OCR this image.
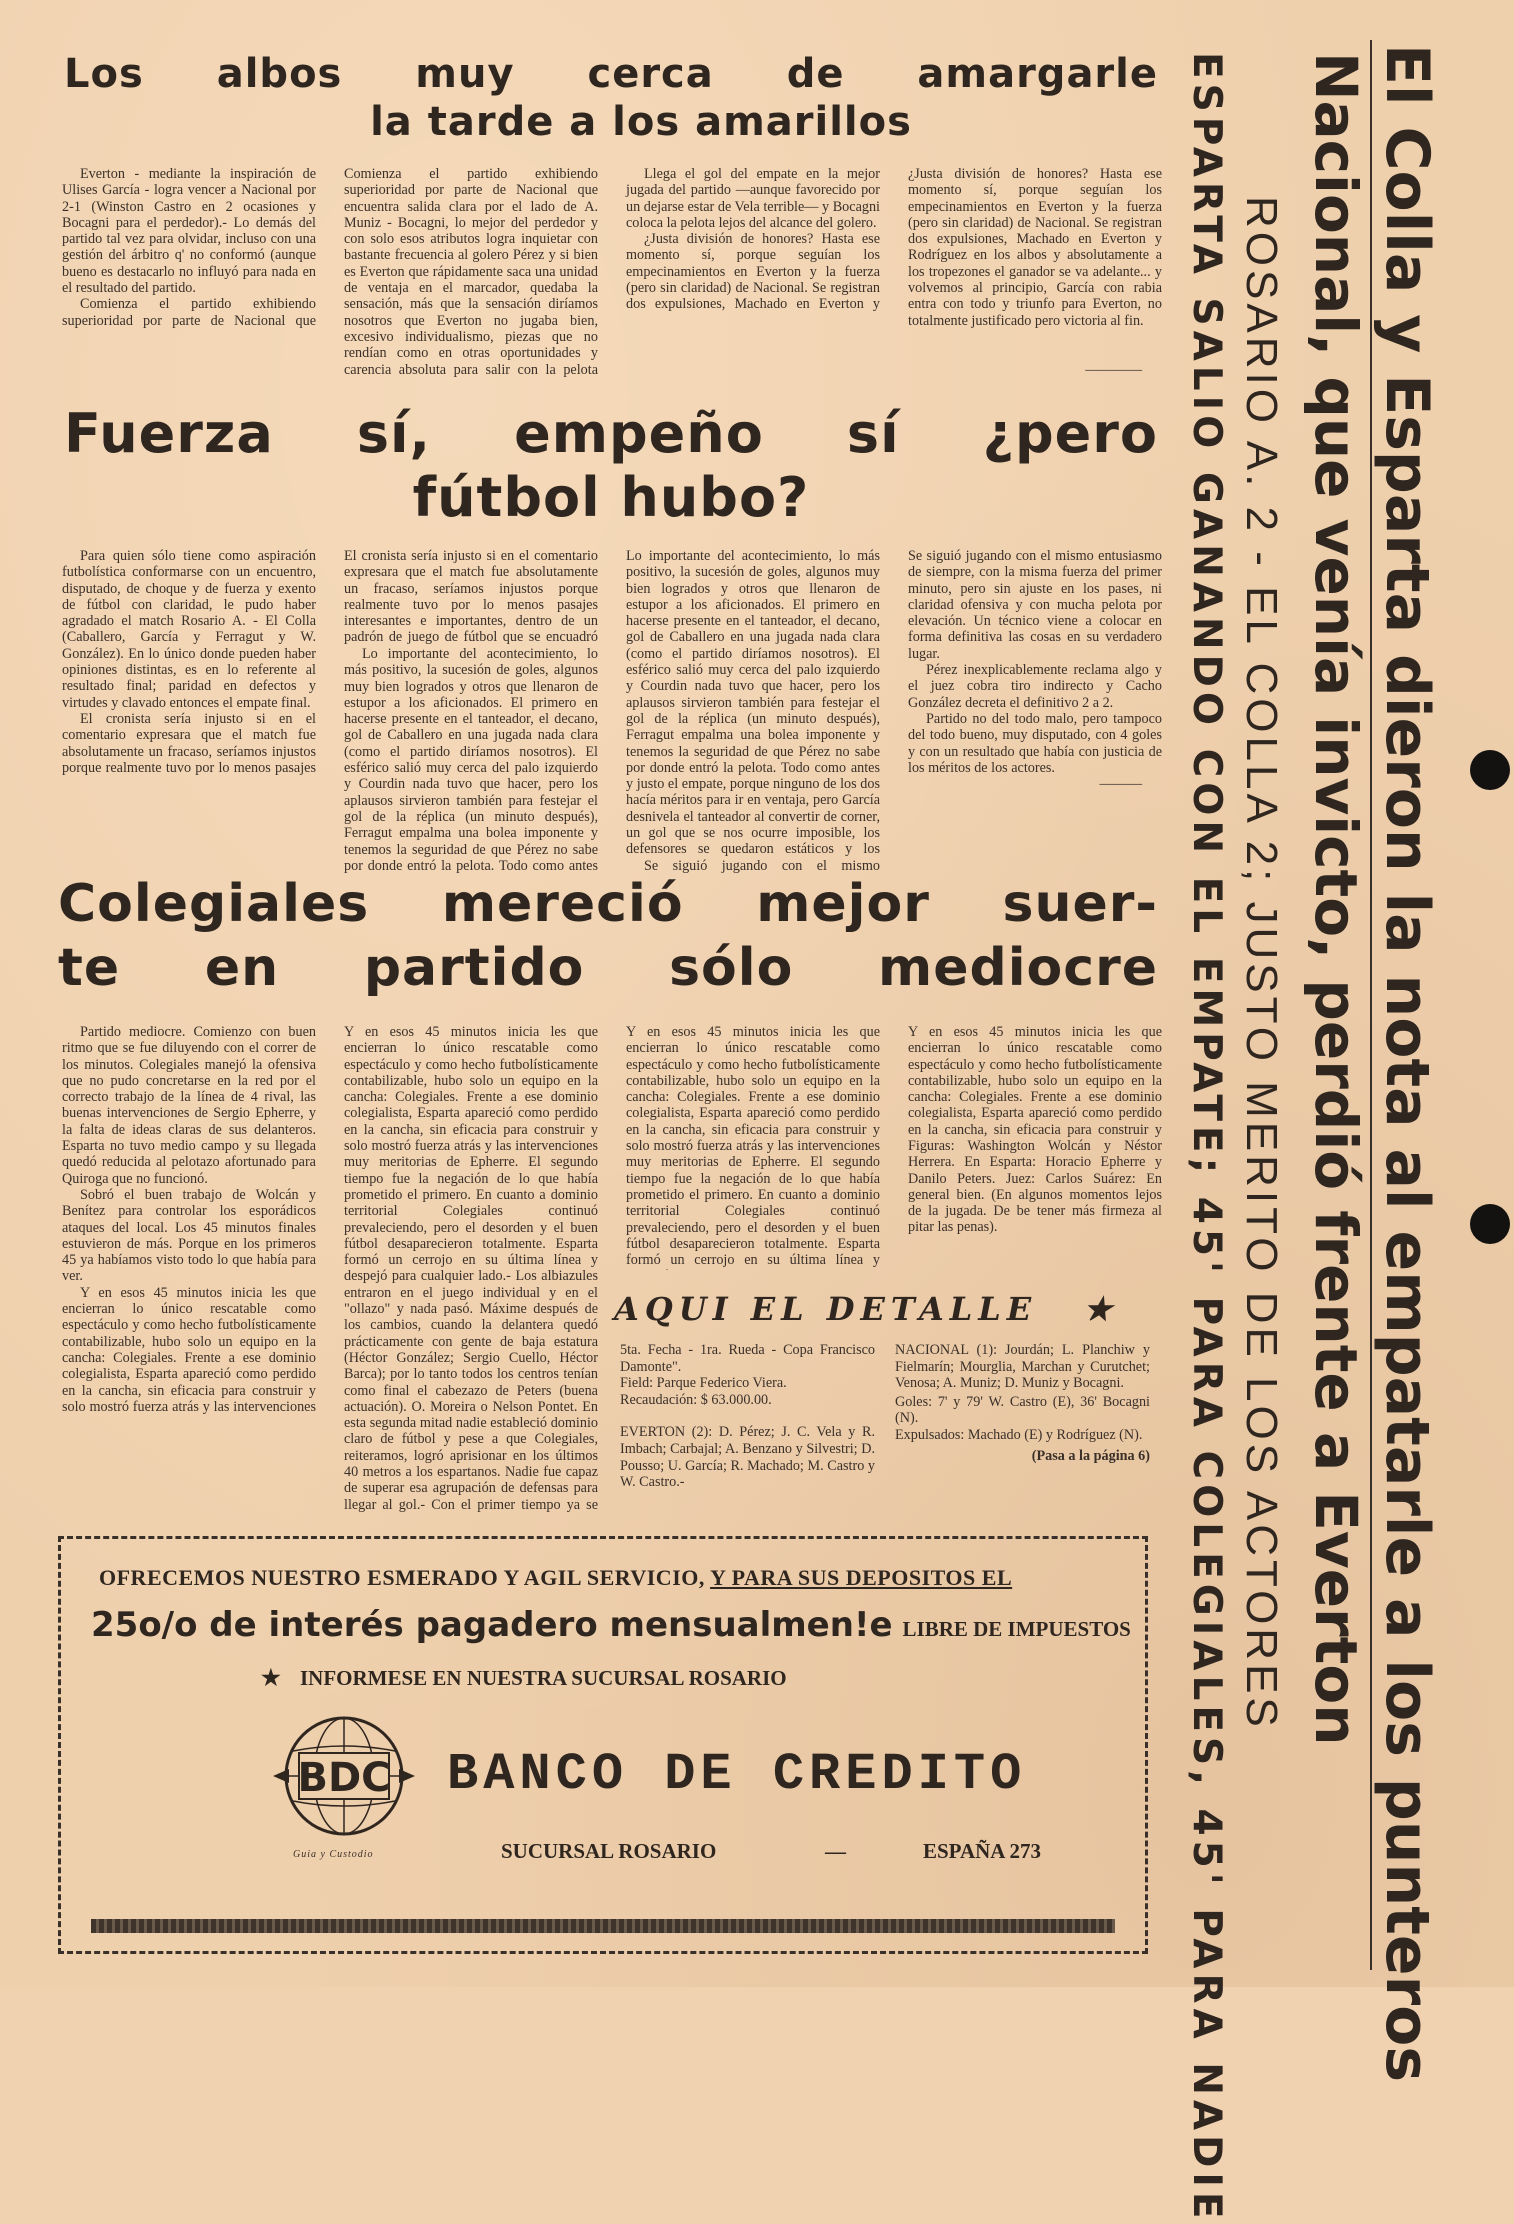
Los albos muy cerca de amargarle
la tarde a los amarillos

Everton - mediante la inspiración de Ulises García - logra vencer a Nacional por 2-1 (Winston Castro en 2 ocasiones y Bocagni para el perdedor).- Lo demás del partido tal vez para olvidar, incluso con una gestión del árbitro q' no conformó (aunque bueno es destacarlo no influyó para nada en el resultado del partido.

Comienza el partido exhibiendo superioridad por parte de Nacional que

Comienza el partido exhibiendo superioridad por parte de Nacional que encuentra salida clara por el lado de A. Muniz - Bocagni, lo mejor del perdedor y con solo esos atributos logra inquietar con bastante frecuencia al golero Pérez y si bien es Everton que rápidamente saca una unidad de ventaja en el marcador, quedaba la sensación, más que la sensación diríamos nosotros que Everton no jugaba bien, excesivo individualismo, piezas que no rendían como en otras oportunidades y carencia absoluta para salir con la pelota

Llega el gol del empate en la mejor jugada del partido —aunque favorecido por un dejarse estar de Vela terrible— y Bocagni coloca la pelota lejos del alcance del golero.

¿Justa división de honores? Hasta ese momento sí, porque seguían los empecinamientos en Everton y la fuerza (pero sin claridad) de Nacional. Se registran dos expulsiones, Machado en Everton y

¿Justa división de honores? Hasta ese momento sí, porque seguían los empecinamientos en Everton y la fuerza (pero sin claridad) de Nacional. Se registran dos expulsiones, Machado en Everton y Rodríguez en los albos y absolutamente a los tropezones el ganador se va adelante... y volvemos al principio, García con rabia entra con todo y triunfo para Everton, no totalmente justificado pero victoria al fin.

————
Fuerza sí, empeño sí ¿pero
fútbol hubo?

Para quien sólo tiene como aspiración futbolística conformarse con un encuentro, disputado, de choque y de fuerza y exento de fútbol con claridad, le pudo haber agradado el match Rosario A. - El Colla (Caballero, García y Ferragut y W. González). En lo único donde pueden haber opiniones distintas, es en lo referente al resultado final; paridad en defectos y virtudes y clavado entonces el empate final.

El cronista sería injusto si en el comentario expresara que el match fue absolutamente un fracaso, seríamos injustos porque realmente tuvo por lo menos pasajes

El cronista sería injusto si en el comentario expresara que el match fue absolutamente un fracaso, seríamos injustos porque realmente tuvo por lo menos pasajes interesantes e importantes, dentro de un padrón de juego de fútbol que se encuadró

Lo importante del acontecimiento, lo más positivo, la sucesión de goles, algunos muy bien logrados y otros que llenaron de estupor a los aficionados. El primero en hacerse presente en el tanteador, el decano, gol de Caballero en una jugada nada clara (como el partido diríamos nosotros). El esférico salió muy cerca del palo izquierdo y Courdin nada tuvo que hacer, pero los aplausos sirvieron también para festejar el gol de la réplica (un minuto después), Ferragut empalma una bolea imponente y tenemos la seguridad de que Pérez no sabe por donde entró la pelota. Todo como antes

Lo importante del acontecimiento, lo más positivo, la sucesión de goles, algunos muy bien logrados y otros que llenaron de estupor a los aficionados. El primero en hacerse presente en el tanteador, el decano, gol de Caballero en una jugada nada clara (como el partido diríamos nosotros). El esférico salió muy cerca del palo izquierdo y Courdin nada tuvo que hacer, pero los aplausos sirvieron también para festejar el gol de la réplica (un minuto después), Ferragut empalma una bolea imponente y tenemos la seguridad de que Pérez no sabe por donde entró la pelota. Todo como antes y justo el empate, porque ninguno de los dos hacía méritos para ir en ventaja, pero García desnivela el tanteador al convertir de corner, un gol que se nos ocurre imposible, los defensores se quedaron estáticos y los

Se siguió jugando con el mismo

Se siguió jugando con el mismo entusiasmo de siempre, con la misma fuerza del primer minuto, pero sin ajuste en los pases, ni claridad ofensiva y con mucha pelota por elevación. Un técnico viene a colocar en forma definitiva las cosas en su verdadero lugar.

Pérez inexplicablemente reclama algo y el juez cobra tiro indirecto y Cacho González decreta el definitivo 2 a 2.

Partido no del todo malo, pero tampoco del todo bueno, muy disputado, con 4 goles y con un resultado que había con justicia de los méritos de los actores.

———
Colegiales mereció mejor suer-
te en partido sólo mediocre

Partido mediocre. Comienzo con buen ritmo que se fue diluyendo con el correr de los minutos. Colegiales manejó la ofensiva que no pudo concretarse en la red por el correcto trabajo de la línea de 4 rival, las buenas intervenciones de Sergio Epherre, y la falta de ideas claras de sus delanteros. Esparta no tuvo medio campo y su llegada quedó reducida al pelotazo afortunado para Quiroga que no funcionó.

Sobró el buen trabajo de Wolcán y Benítez para controlar los esporádicos ataques del local. Los 45 minutos finales estuvieron de más. Porque en los primeros 45 ya habíamos visto todo lo que había para ver.

Y en esos 45 minutos inicia les que encierran lo único rescatable como espectáculo y como hecho futbolísticamente contabilizable, hubo solo un equipo en la cancha: Colegiales. Frente a ese dominio colegialista, Esparta apareció como perdido en la cancha, sin eficacia para construir y solo mostró fuerza atrás y las intervenciones

Y en esos 45 minutos inicia les que encierran lo único rescatable como espectáculo y como hecho futbolísticamente contabilizable, hubo solo un equipo en la cancha: Colegiales. Frente a ese dominio colegialista, Esparta apareció como perdido en la cancha, sin eficacia para construir y solo mostró fuerza atrás y las intervenciones muy meritorias de Epherre. El segundo tiempo fue la negación de lo que había prometido el primero. En cuanto a dominio territorial Colegiales continuó prevaleciendo, pero el desorden y el buen fútbol desaparecieron totalmente. Esparta formó un cerrojo en su última línea y despejó para cualquier lado.- Los albiazules entraron en el juego individual y en el "ollazo" y nada pasó. Máxime después de los cambios, cuando la delantera quedó prácticamente con gente de baja estatura (Héctor González; Sergio Cuello, Héctor Barca); por lo tanto todos los centros tenían como final el cabezazo de Peters (buena actuación). O. Moreira o Nelson Pontet. En esta segunda mitad nadie estableció dominio claro de fútbol y pese a que Colegiales, reiteramos, logró aprisionar en los últimos 40 metros a los espartanos. Nadie fue capaz de superar esa agrupación de defensas para llegar al gol.- Con el primer tiempo ya se

Y en esos 45 minutos inicia les que encierran lo único rescatable como espectáculo y como hecho futbolísticamente contabilizable, hubo solo un equipo en la cancha: Colegiales. Frente a ese dominio colegialista, Esparta apareció como perdido en la cancha, sin eficacia para construir y solo mostró fuerza atrás y las intervenciones muy meritorias de Epherre. El segundo tiempo fue la negación de lo que había prometido el primero. En cuanto a dominio territorial Colegiales continuó prevaleciendo, pero el desorden y el buen fútbol desaparecieron totalmente. Esparta formó un cerrojo en su última línea y

Y en esos 45 minutos inicia les que encierran lo único rescatable como espectáculo y como hecho futbolísticamente contabilizable, hubo solo un equipo en la cancha: Colegiales. Frente a ese dominio colegialista, Esparta apareció como perdido en la cancha, sin eficacia para construir y

Figuras: Washington Wolcán y Néstor Herrera. En Esparta: Horacio Epherre y Danilo Peters. Juez: Carlos Suárez: En general bien. (En algunos momentos lejos de la jugada. De be tener más firmeza al pitar las penas).

AQUI EL DETALLE ★

5ta. Fecha - 1ra. Rueda - Copa Francisco Damonte".

Field: Parque Federico Viera.

Recaudación: $ 63.000.00.

EVERTON (2): D. Pérez; J. C. Vela y R. Imbach; Carbajal; A. Benzano y Silvestri; D. Pousso; U. García; R. Machado; M. Castro y W. Castro.-

NACIONAL (1): Jourdán; L. Planchiw y Fielmarín; Mourglia, Marchan y Curutchet; Venosa; A. Muniz; D. Muniz y Bocagni.

Goles: 7' y 79' W. Castro (E), 36' Bocagni (N).

Expulsados: Machado (E) y Rodríguez (N).

(Pasa a la página 6)
OFRECEMOS NUESTRO ESMERADO Y AGIL SERVICIO, Y PARA SUS DEPOSITOS EL
25o/o de interés pagadero mensualmen!e LIBRE DE IMPUESTOS
★ INFORMESE EN NUESTRA SUCURSAL ROSARIO
BDC
Guia y Custodio
BANCO DE CREDITO
SUCURSAL ROSARIO	—	ESPAÑA 273	El Colla y Esparta dieron la nota al empatarle a los punteros
Nacional, que venía invicto, perdió frente a Everton
ROSARIO A. 2 - EL COLLA 2; JUSTO MERITO DE LOS ACTORES
ESPARTA SALIO GANANDO CON EL EMPATE; 45' PARA COLEGIALES, 45' PARA NADIE
